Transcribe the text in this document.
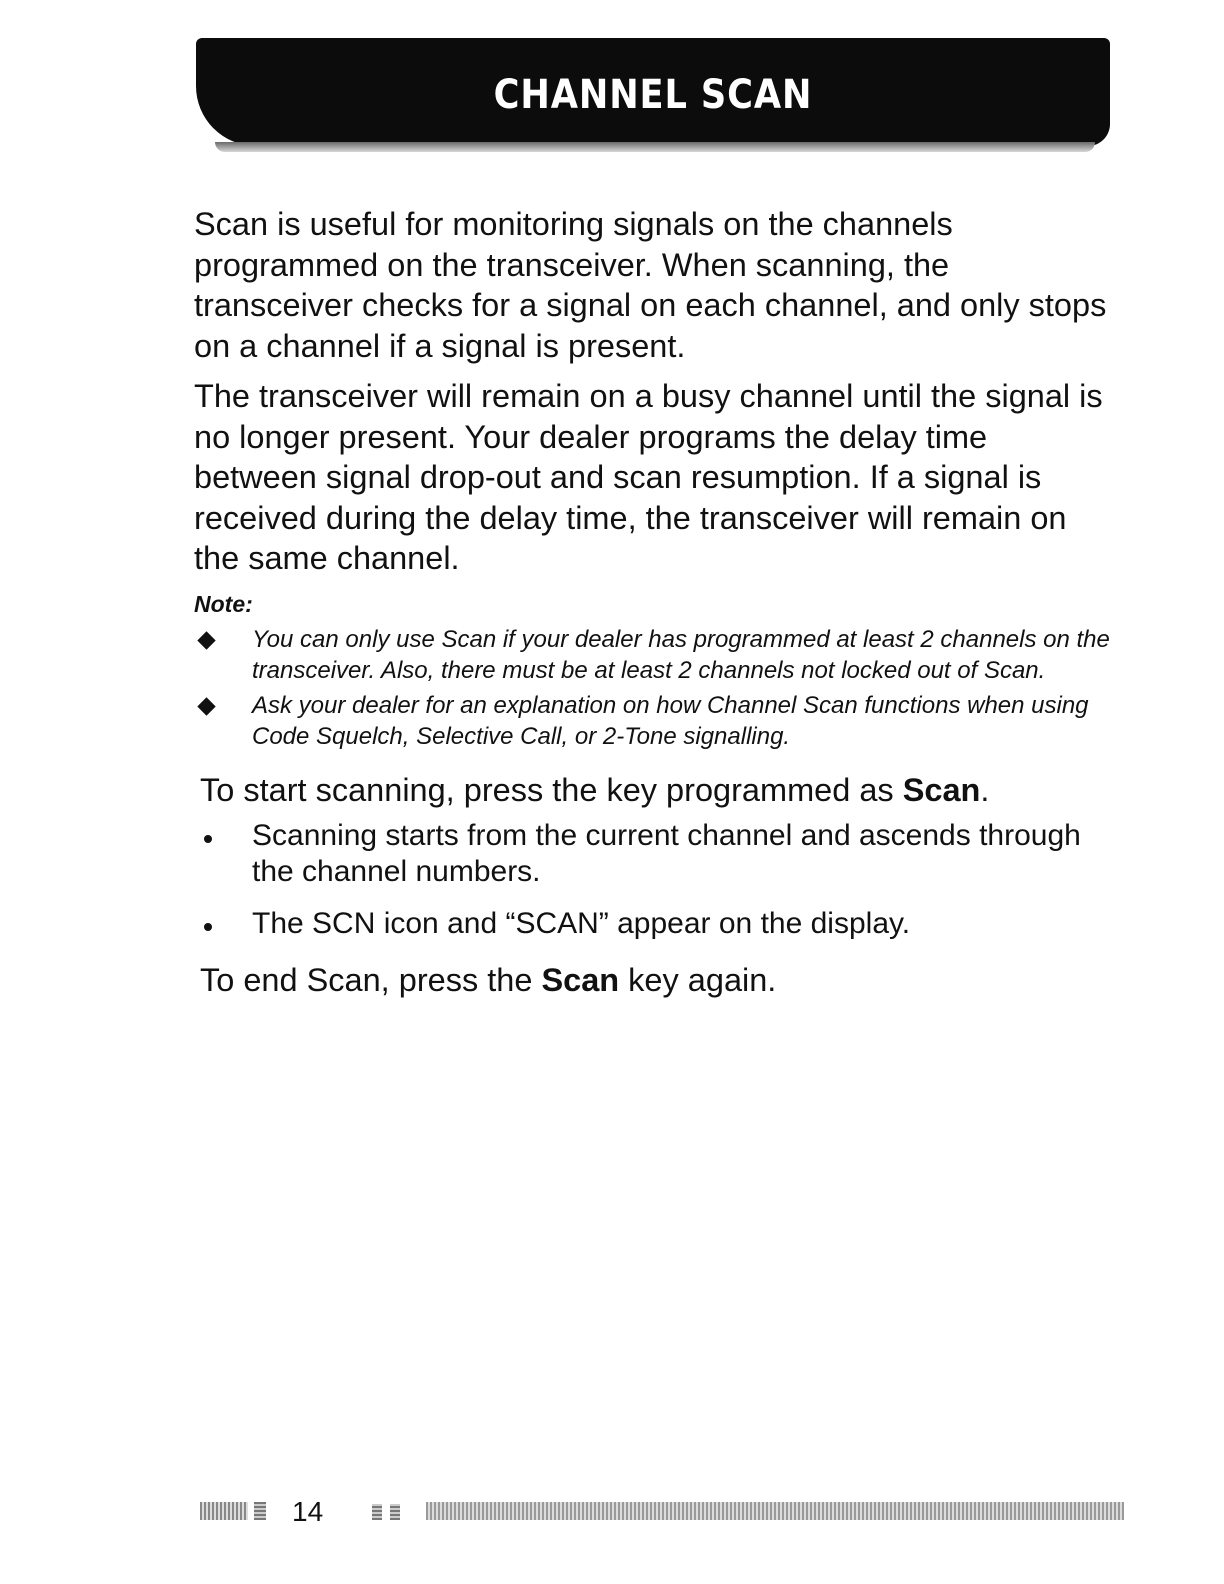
CHANNEL SCAN

Scan is useful for monitoring signals on the channels programmed on the transceiver. When scanning, the transceiver checks for a signal on each channel, and only stops on a channel if a signal is present.

The transceiver will remain on a busy channel until the signal is no longer present. Your dealer programs the delay time between signal drop-out and scan resumption. If a signal is received during the delay time, the transceiver will remain on the same channel.

Note:
You can only use Scan if your dealer has programmed at least 2 channels on the transceiver. Also, there must be at least 2 channels not locked out of Scan.
Ask your dealer for an explanation on how Channel Scan functions when using Code Squelch, Selective Call, or 2-Tone signalling.

To start scanning, press the key programmed as Scan.

Scanning starts from the current channel and ascends through the channel numbers.
The SCN icon and “SCAN” appear on the display.

To end Scan, press the Scan key again.

14
